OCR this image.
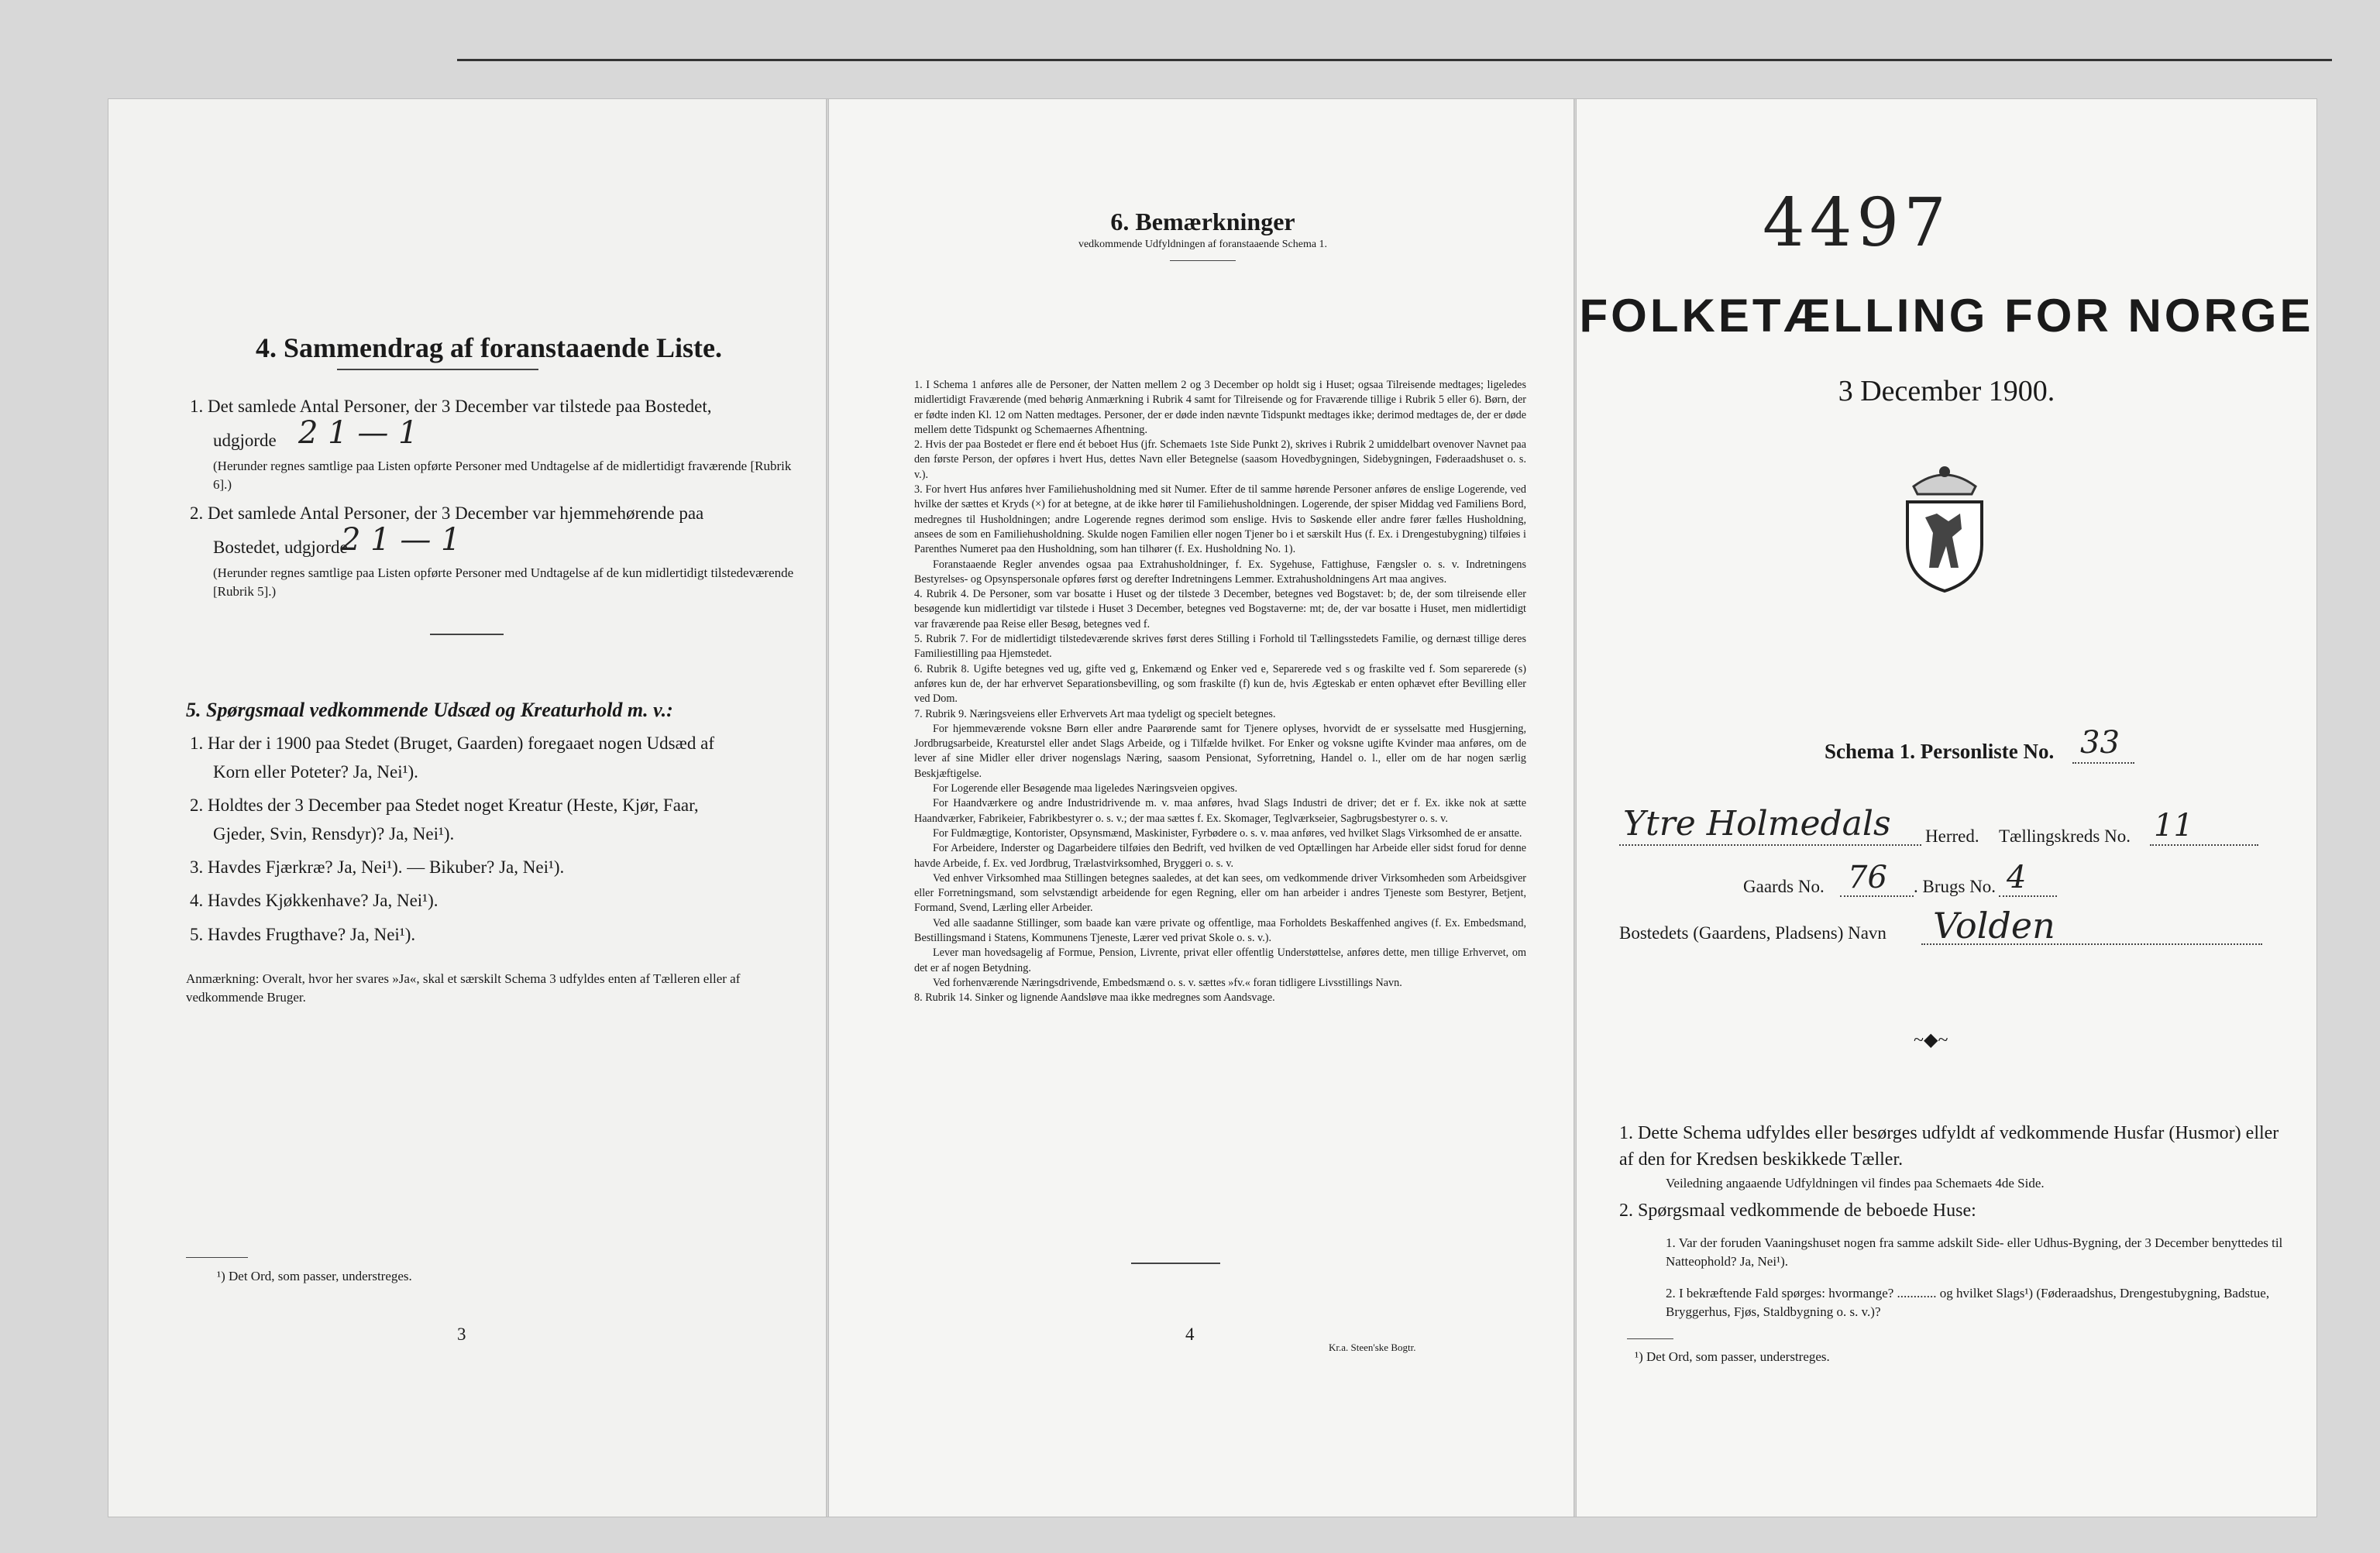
4. Sammendrag af foranstaaende Liste.
1. Det samlede Antal Personer, der 3 December var tilstede paa Bostedet,
udgjorde 2 1 — 1
(Herunder regnes samtlige paa Listen opførte Personer med Undtagelse af de midlertidigt fraværende [Rubrik 6].)
2. Det samlede Antal Personer, der 3 December var hjemmehørende paa
Bostedet, udgjorde
2 1 — 1
(Herunder regnes samtlige paa Listen opførte Personer med Undtagelse af de kun midlertidigt tilstedeværende [Rubrik 5].)
5. Spørgsmaal vedkommende Udsæd og Kreaturhold m. v.:
1. Har der i 1900 paa Stedet (Bruget, Gaarden) foregaaet nogen Udsæd af
Korn eller Poteter? Ja, Nei¹).
2. Holdtes der 3 December paa Stedet noget Kreatur (Heste, Kjør, Faar,
Gjeder, Svin, Rensdyr)? Ja, Nei¹).
3. Havdes Fjærkræ? Ja, Nei¹). — Bikuber? Ja, Nei¹).
4. Havdes Kjøkkenhave? Ja, Nei¹).
5. Havdes Frugthave? Ja, Nei¹).
Anmærkning: Overalt, hvor her svares »Ja«, skal et særskilt Schema 3 udfyldes enten af Tælleren eller af vedkommende Bruger.
¹) Det Ord, som passer, understreges.
3
6. Bemærkninger
vedkommende Udfyldningen af foranstaaende Schema 1.

1. I Schema 1 anføres alle de Personer, der Natten mellem 2 og 3 December op holdt sig i Huset; ogsaa Tilreisende medtages; ligeledes midlertidigt Fraværende (med behørig Anmærkning i Rubrik 4 samt for Tilreisende og for Fraværende tillige i Rubrik 5 eller 6). Børn, der er fødte inden Kl. 12 om Natten medtages. Personer, der er døde inden nævnte Tidspunkt medtages ikke; derimod medtages de, der er døde mellem dette Tidspunkt og Schemaernes Afhentning.

2. Hvis der paa Bostedet er flere end ét beboet Hus (jfr. Schemaets 1ste Side Punkt 2), skrives i Rubrik 2 umiddelbart ovenover Navnet paa den første Person, der opføres i hvert Hus, dettes Navn eller Betegnelse (saasom Hovedbygningen, Sidebygningen, Føderaadshuset o. s. v.).

3. For hvert Hus anføres hver Familiehusholdning med sit Numer. Efter de til samme hørende Personer anføres de enslige Logerende, ved hvilke der sættes et Kryds (×) for at betegne, at de ikke hører til Familiehusholdningen. Logerende, der spiser Middag ved Familiens Bord, medregnes til Husholdningen; andre Logerende regnes derimod som enslige. Hvis to Søskende eller andre fører fælles Husholdning, ansees de som en Familiehusholdning. Skulde nogen Familien eller nogen Tjener bo i et særskilt Hus (f. Ex. i Drengestubygning) tilføies i Parenthes Numeret paa den Husholdning, som han tilhører (f. Ex. Husholdning No. 1).

Foranstaaende Regler anvendes ogsaa paa Extrahusholdninger, f. Ex. Sygehuse, Fattighuse, Fængsler o. s. v. Indretningens Bestyrelses- og Opsynspersonale opføres først og derefter Indretningens Lemmer. Extrahusholdningens Art maa angives.

4. Rubrik 4. De Personer, som var bosatte i Huset og der tilstede 3 December, betegnes ved Bogstavet: b; de, der som tilreisende eller besøgende kun midlertidigt var tilstede i Huset 3 December, betegnes ved Bogstaverne: mt; de, der var bosatte i Huset, men midlertidigt var fraværende paa Reise eller Besøg, betegnes ved f.

5. Rubrik 7. For de midlertidigt tilstedeværende skrives først deres Stilling i Forhold til Tællingsstedets Familie, og dernæst tillige deres Familiestilling paa Hjemstedet.

6. Rubrik 8. Ugifte betegnes ved ug, gifte ved g, Enkemænd og Enker ved e, Separerede ved s og fraskilte ved f. Som separerede (s) anføres kun de, der har erhvervet Separationsbevilling, og som fraskilte (f) kun de, hvis Ægteskab er enten ophævet efter Bevilling eller ved Dom.

7. Rubrik 9. Næringsveiens eller Erhvervets Art maa tydeligt og specielt betegnes.

For hjemmeværende voksne Børn eller andre Paarørende samt for Tjenere oplyses, hvorvidt de er sysselsatte med Husgjerning, Jordbrugsarbeide, Kreaturstel eller andet Slags Arbeide, og i Tilfælde hvilket. For Enker og voksne ugifte Kvinder maa anføres, om de lever af sine Midler eller driver nogenslags Næring, saasom Pensionat, Syforretning, Handel o. l., eller om de har nogen særlig Beskjæftigelse.

For Logerende eller Besøgende maa ligeledes Næringsveien opgives.

For Haandværkere og andre Industridrivende m. v. maa anføres, hvad Slags Industri de driver; det er f. Ex. ikke nok at sætte Haandværker, Fabrikeier, Fabrikbestyrer o. s. v.; der maa sættes f. Ex. Skomager, Teglværkseier, Sagbrugsbestyrer o. s. v.

For Fuldmægtige, Kontorister, Opsynsmænd, Maskinister, Fyrbødere o. s. v. maa anføres, ved hvilket Slags Virksomhed de er ansatte.

For Arbeidere, Inderster og Dagarbeidere tilføies den Bedrift, ved hvilken de ved Optællingen har Arbeide eller sidst forud for denne havde Arbeide, f. Ex. ved Jordbrug, Trælastvirksomhed, Bryggeri o. s. v.

Ved enhver Virksomhed maa Stillingen betegnes saaledes, at det kan sees, om vedkommende driver Virksomheden som Arbeidsgiver eller Forretningsmand, som selvstændigt arbeidende for egen Regning, eller om han arbeider i andres Tjeneste som Bestyrer, Betjent, Formand, Svend, Lærling eller Arbeider.

Ved alle saadanne Stillinger, som baade kan være private og offentlige, maa Forholdets Beskaffenhed angives (f. Ex. Embedsmand, Bestillingsmand i Statens, Kommunens Tjeneste, Lærer ved privat Skole o. s. v.).

Lever man hovedsagelig af Formue, Pension, Livrente, privat eller offentlig Understøttelse, anføres dette, men tillige Erhvervet, om det er af nogen Betydning.

Ved forhenværende Næringsdrivende, Embedsmænd o. s. v. sættes »fv.« foran tidligere Livsstillings Navn.

8. Rubrik 14. Sinker og lignende Aandsløve maa ikke medregnes som Aandsvage.

4
Kr.a. Steen'ske Bogtr.
4497
FOLKETÆLLING FOR NORGE
3 December 1900.
Schema 1. Personliste No. 33
Ytre Holmedals Herred. Tællingskreds No. 11
Gaards No. 76 . Brugs No. 4
Bostedets (Gaardens, Pladsens) Navn Volden
~◆~
1. Dette Schema udfyldes eller besørges udfyldt af vedkommende Husfar (Husmor) eller af den for Kredsen beskikkede Tæller.
Veiledning angaaende Udfyldningen vil findes paa Schemaets 4de Side.
2. Spørgsmaal vedkommende de beboede Huse:
1. Var der foruden Vaaningshuset nogen fra samme adskilt Side- eller Udhus-Bygning, der 3 December benyttedes til Natteophold? Ja, Nei¹).
2. I bekræftende Fald spørges: hvormange? ............ og hvilket Slags¹) (Føderaadshus, Drengestubygning, Badstue, Bryggerhus, Fjøs, Staldbygning o. s. v.)?
¹) Det Ord, som passer, understreges.
